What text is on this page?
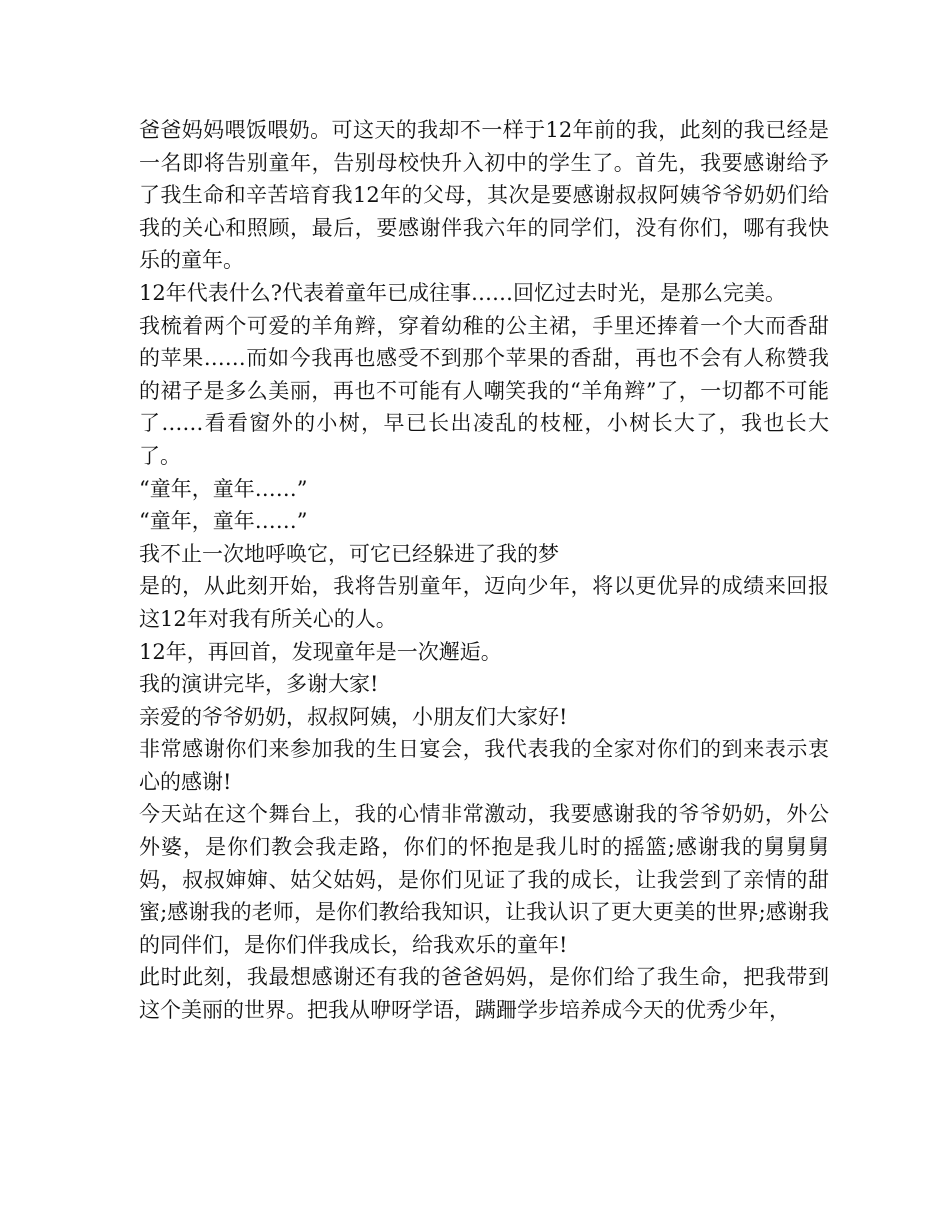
爸爸妈妈喂饭喂奶。可这天的我却不一样于12年前的我，此刻的我已经是一名即将告别童年，告别母校快升入初中的学生了。首先，我要感谢给予了我生命和辛苦培育我12年的父母，其次是要感谢叔叔阿姨爷爷奶奶们给我的关心和照顾，最后，要感谢伴我六年的同学们，没有你们，哪有我快乐的童年。

12年代表什么?代表着童年已成往事……回忆过去时光，是那么完美。

我梳着两个可爱的羊角辫，穿着幼稚的公主裙，手里还捧着一个大而香甜的苹果……而如今我再也感受不到那个苹果的香甜，再也不会有人称赞我的裙子是多么美丽，再也不可能有人嘲笑我的“羊角辫”了，一切都不可能了……看看窗外的小树，早已长出凌乱的枝桠，小树长大了，我也长大了。

“童年，童年……”

“童年，童年……”

我不止一次地呼唤它，可它已经躲进了我的梦

是的，从此刻开始，我将告别童年，迈向少年，将以更优异的成绩来回报这12年对我有所关心的人。

12年，再回首，发现童年是一次邂逅。

我的演讲完毕，多谢大家!

亲爱的爷爷奶奶，叔叔阿姨，小朋友们大家好!

非常感谢你们来参加我的生日宴会，我代表我的全家对你们的到来表示衷心的感谢!

今天站在这个舞台上，我的心情非常激动，我要感谢我的爷爷奶奶，外公外婆，是你们教会我走路，你们的怀抱是我儿时的摇篮;感谢我的舅舅舅妈，叔叔婶婶、姑父姑妈，是你们见证了我的成长，让我尝到了亲情的甜蜜;感谢我的老师，是你们教给我知识，让我认识了更大更美的世界;感谢我的同伴们，是你们伴我成长，给我欢乐的童年!

此时此刻，我最想感谢还有我的爸爸妈妈，是你们给了我生命，把我带到这个美丽的世界。把我从咿呀学语，蹒跚学步培养成今天的优秀少年，
